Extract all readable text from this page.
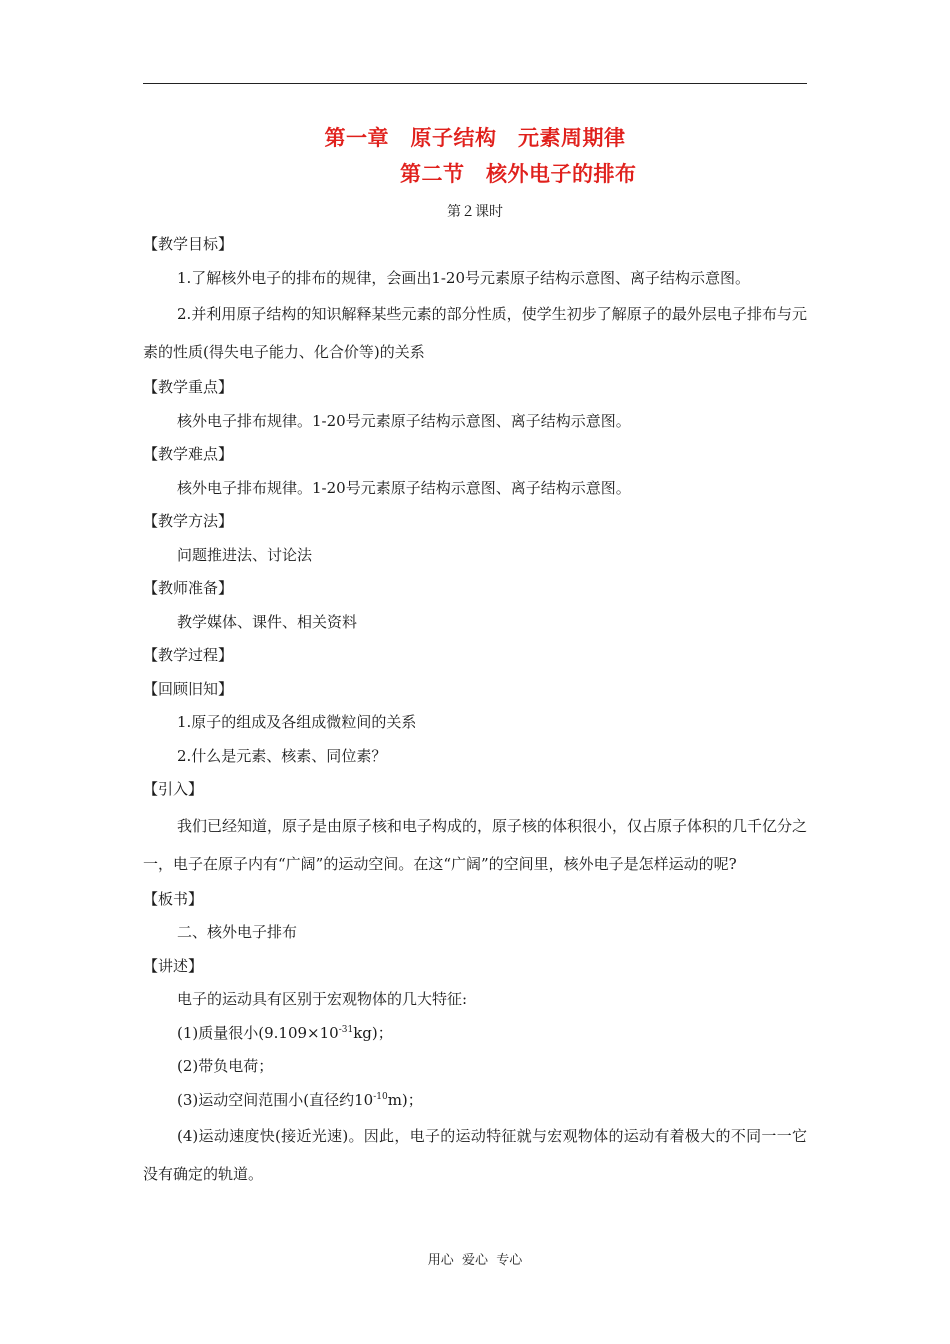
第一章　原子结构　元素周期律
第二节　核外电子的排布
第２课时

【教学目标】

1.了解核外电子的排布的规律，会画出1-20号元素原子结构示意图、离子结构示意图。

2.并利用原子结构的知识解释某些元素的部分性质，使学生初步了解原子的最外层电子排布与元素的性质(得失电子能力、化合价等)的关系

【教学重点】

核外电子排布规律。1-20号元素原子结构示意图、离子结构示意图。

【教学难点】

核外电子排布规律。1-20号元素原子结构示意图、离子结构示意图。

【教学方法】

问题推进法、讨论法

【教师准备】

教学媒体、课件、相关资料

【教学过程】

【回顾旧知】

1.原子的组成及各组成微粒间的关系

2.什么是元素、核素、同位素？

【引入】

我们已经知道，原子是由原子核和电子构成的，原子核的体积很小，仅占原子体积的几千亿分之一，电子在原子内有“广阔”的运动空间。在这“广阔”的空间里，核外电子是怎样运动的呢?

【板书】

二、核外电子排布

【讲述】

电子的运动具有区别于宏观物体的几大特征:

(1)质量很小$(9.109\times 10^{-31}kg)$；

(2)带负电荷；

(3)运动空间范围小(直径约$10^{-10}m$)；

(4)运动速度快(接近光速)。因此，电子的运动特征就与宏观物体的运动有着极大的不同一一它没有确定的轨道。

用心  爱心  专心
